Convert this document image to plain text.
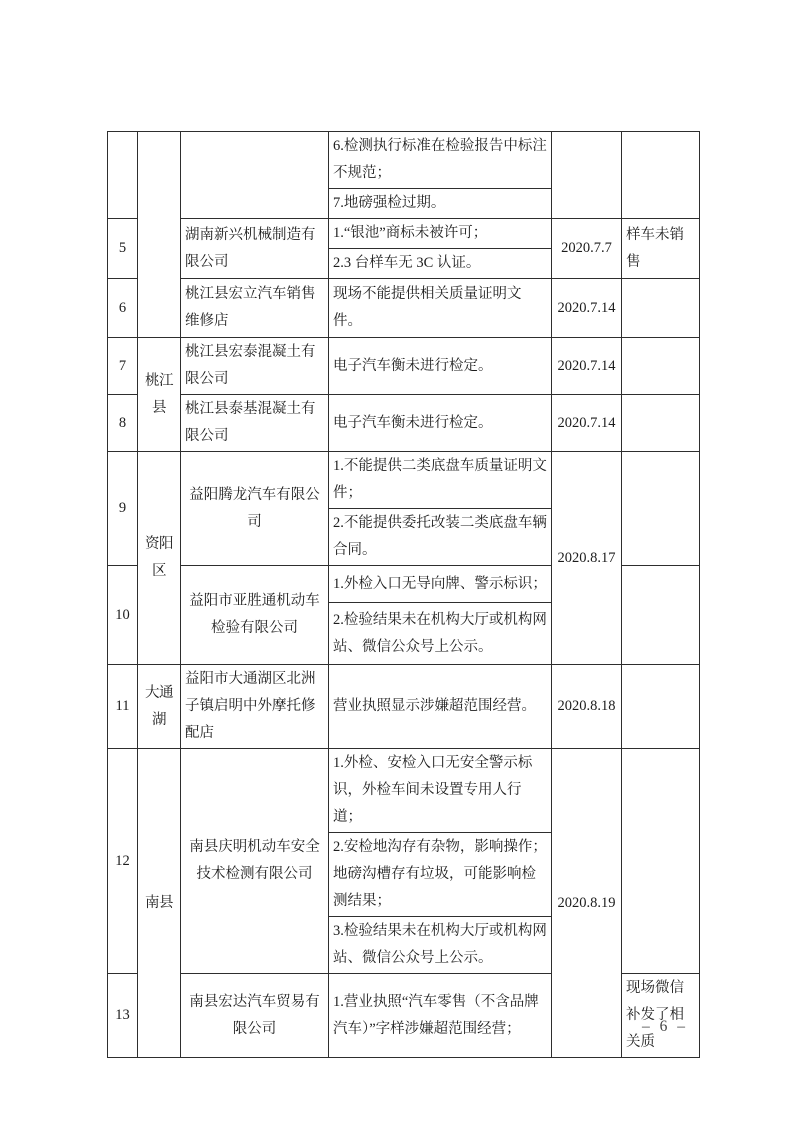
			6.检测执行标准在检验报告中标注不规范；		
			7.地磅强检过期。		
5		湖南新兴机械制造有限公司	1.“银池”商标未被许可；	2020.7.7	样车未销售
			2.3 台样车无 3C 认证。		
6		桃江县宏立汽车销售维修店	现场不能提供相关质量证明文件。	2020.7.14	
7	桃江县	桃江县宏泰混凝土有限公司	电子汽车衡未进行检定。	2020.7.14	
8		桃江县泰基混凝土有限公司	电子汽车衡未进行检定。	2020.7.14	
9	资阳区	益阳腾龙汽车有限公司	1.不能提供二类底盘车质量证明文件；	2020.8.17	
			2.不能提供委托改装二类底盘车辆合同。		
10		益阳市亚胜通机动车检验有限公司	1.外检入口无导向牌、警示标识；		
			2.检验结果未在机构大厅或机构网站、微信公众号上公示。		
11	大通湖	益阳市大通湖区北洲子镇启明中外摩托修配店	营业执照显示涉嫌超范围经营。	2020.8.18	
12	南县	南县庆明机动车安全技术检测有限公司	1.外检、安检入口无安全警示标识，外检车间未设置专用人行道；	2020.8.19	
			2.安检地沟存有杂物，影响操作；地磅沟槽存有垃圾，可能影响检测结果；		
			3.检验结果未在机构大厅或机构网站、微信公众号上公示。		
13		南县宏达汽车贸易有限公司	1.营业执照“汽车零售（不含品牌汽车）”字样涉嫌超范围经营；		现场微信补发了相关质
– 6 –
